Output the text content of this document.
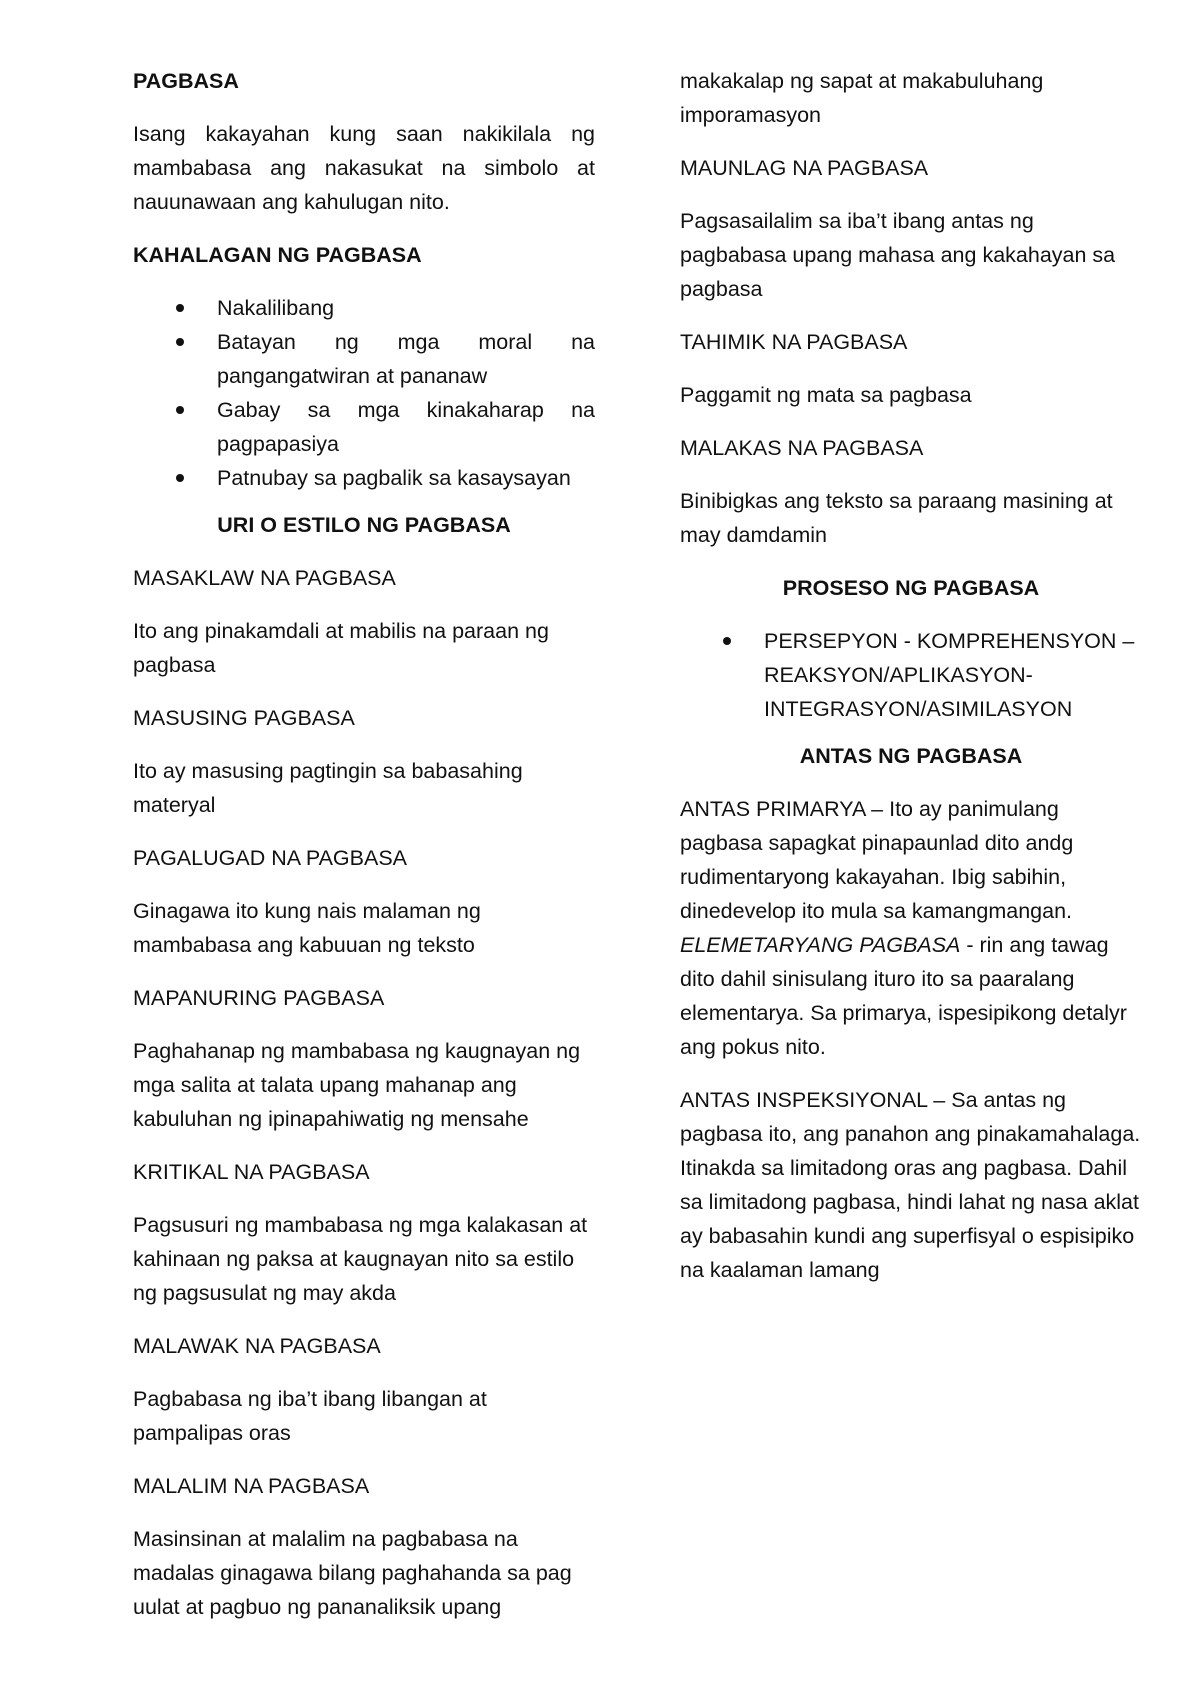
PAGBASA

Isang kakayahan kung saan nakikilala ng mambabasa ang nakasukat na simbolo at nauunawaan ang kahulugan nito.

KAHALAGAN NG PAGBASA

Nakalilibang
Batayan ng mga moral na pangangatwiran at pananaw
Gabay sa mga kinakaharap na pagpapasiya
Patnubay sa pagbalik sa kasaysayan

URI O ESTILO NG PAGBASA

MASAKLAW NA PAGBASA

Ito ang pinakamdali at mabilis na paraan ng pagbasa

MASUSING PAGBASA

Ito ay masusing pagtingin sa babasahing materyal

PAGALUGAD NA PAGBASA

Ginagawa ito kung nais malaman ng mambabasa ang kabuuan ng teksto

MAPANURING PAGBASA

Paghahanap ng mambabasa ng kaugnayan ng mga salita at talata upang mahanap ang kabuluhan ng ipinapahiwatig ng mensahe

KRITIKAL NA PAGBASA

Pagsusuri ng mambabasa ng mga kalakasan at kahinaan ng paksa at kaugnayan nito sa estilo ng pagsusulat ng may akda

MALAWAK NA PAGBASA

Pagbabasa ng iba’t ibang libangan at pampalipas oras

MALALIM NA PAGBASA

Masinsinan at malalim na pagbabasa na madalas ginagawa bilang paghahanda sa pag uulat at pagbuo ng pananaliksik upang

makakalap ng sapat at makabuluhang imporamasyon

MAUNLAG NA PAGBASA

Pagsasailalim sa iba’t ibang antas ng pagbabasa upang mahasa ang kakahayan sa pagbasa

TAHIMIK NA PAGBASA

Paggamit ng mata sa pagbasa

MALAKAS NA PAGBASA

Binibigkas ang teksto sa paraang masining at may damdamin

PROSESO NG PAGBASA

PERSEPYON - KOMPREHENSYON – REAKSYON/APLIKASYON- INTEGRASYON/ASIMILASYON

ANTAS NG PAGBASA

ANTAS PRIMARYA – Ito ay panimulang pagbasa sapagkat pinapaunlad dito andg rudimentaryong kakayahan. Ibig sabihin, dinedevelop ito mula sa kamangmangan. ELEMETARYANG PAGBASA - rin ang tawag dito dahil sinisulang ituro ito sa paaralang elementarya. Sa primarya, ispesipikong detalyr ang pokus nito.

ANTAS INSPEKSIYONAL – Sa antas ng pagbasa ito, ang panahon ang pinakamahalaga. Itinakda sa limitadong oras ang pagbasa. Dahil sa limitadong pagbasa, hindi lahat ng nasa aklat ay babasahin kundi ang superfisyal o espisipiko na kaalaman lamang
